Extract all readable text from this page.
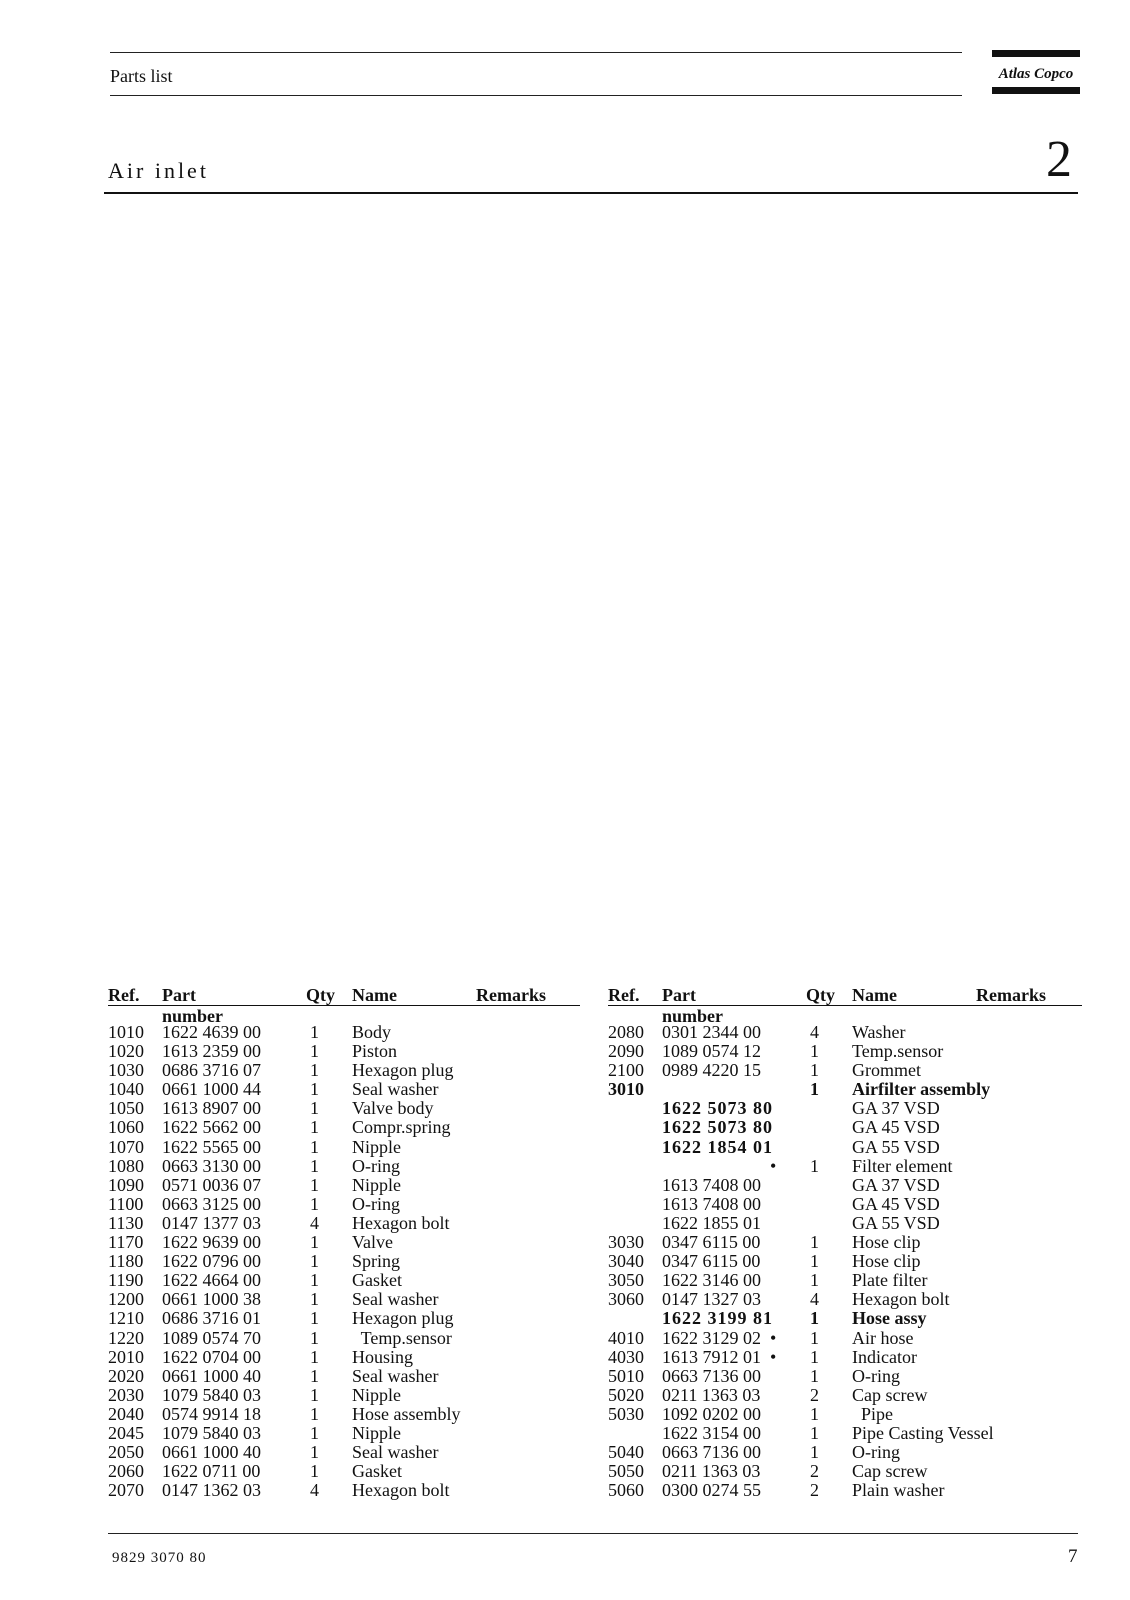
Parts list	Atlas Copco
Air inlet	2
Ref. Part number
Qty Name	Remarks
1010 1622 4639 00	1 Body
1020 1613 2359 00	1 Piston
1030 0686 3716 07	1 Hexagon plug
1040 0661 1000 44	1 Seal washer
1050 1613 8907 00	1 Valve body
1060 1622 5662 00	1 Compr.spring
1070 1622 5565 00	1 Nipple
1080 0663 3130 00	1 O-ring
1090 0571 0036 07	1 Nipple
1100 0663 3125 00	1 O-ring
1130 0147 1377 03	4 Hexagon bolt
1170 1622 9639 00	1 Valve
1180 1622 0796 00	1 Spring
1190 1622 4664 00	1 Gasket
1200 0661 1000 38	1 Seal washer
1210 0686 3716 01	1 Hexagon plug
1220 1089 0574 70	1 Temp.sensor
2010 1622 0704 00	1 Housing
2020 0661 1000 40	1 Seal washer
2030 1079 5840 03	1 Nipple
2040 0574 9914 18	1 Hose assembly
2045 1079 5840 03	1 Nipple
2050 0661 1000 40	1 Seal washer
2060 1622 0711 00	1 Gasket
2070 0147 1362 03	4 Hexagon bolt
Ref. Part number
Qty Name	Remarks
2080 0301 2344 00	4 Washer
2090 1089 0574 12	1 Temp.sensor
2100 0989 4220 15	1 Grommet
3010	1 Airfilter assembly
1622 5073 80	GA 37 VSD
1622 5073 80	GA 45 VSD
1622 1854 01	GA 55 VSD
• 1 Filter element
1613 7408 00	GA 37 VSD
1613 7408 00	GA 45 VSD
1622 1855 01	GA 55 VSD
3030 0347 6115 00	1 Hose clip
3040 0347 6115 00	1 Hose clip
3050 1622 3146 00	1 Plate filter
3060 0147 1327 03	4 Hexagon bolt
1622 3199 81 1 Hose assy
4010 1622 3129 02 • 1 Air hose
4030 1613 7912 01 • 1 Indicator
5010 0663 7136 00	1 O-ring
5020 0211 1363 03	2 Cap screw
5030 1092 0202 00	1 Pipe
1622 3154 00	1 Pipe Casting Vessel
5040 0663 7136 00	1 O-ring
5050 0211 1363 03	2 Cap screw
5060 0300 0274 55	2 Plain washer
9829 3070 80	7
